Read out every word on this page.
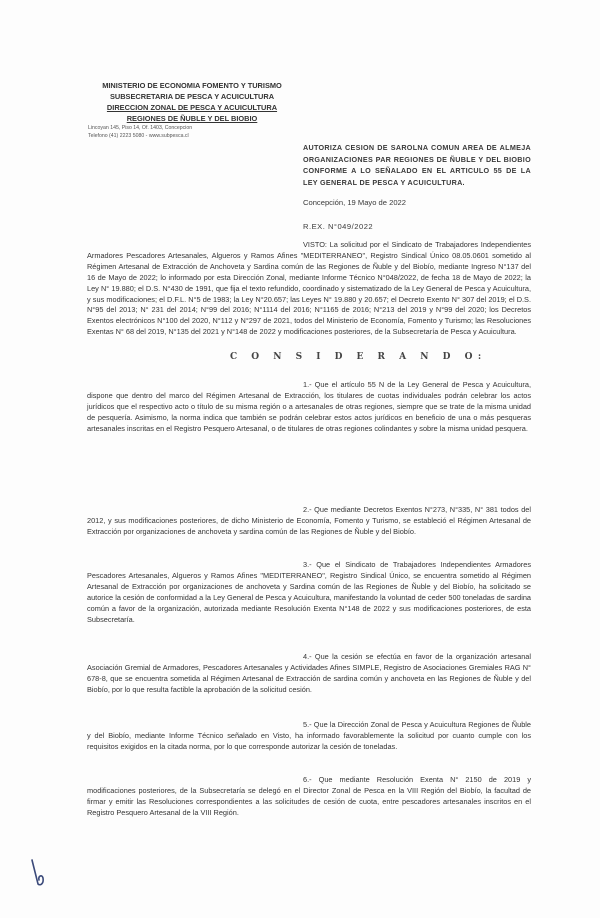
MINISTERIO DE ECONOMIA FOMENTO Y TURISMO
SUBSECRETARIA DE PESCA Y ACUICULTURA
DIRECCION ZONAL DE PESCA Y ACUICULTURA
REGIONES DE ÑUBLE Y DEL BIOBIO
Lincoyan 145, Piso 14, Of. 1403, Concepcion
Telefono (41) 2223 5080 - www.subpesca.cl
AUTORIZA CESION DE SAROLNA COMUN AREA DE ALMEJA ORGANIZACIONES PAR REGIONES DE ÑUBLE Y DEL BIOBIO CONFORME A LO SEÑALADO EN EL ARTICULO 55 DE LA LEY GENERAL DE PESCA Y ACUICULTURA.
Concepción, 19 Mayo de 2022
R.EX. N°049/2022
VISTO: La solicitud por el Sindicato de Trabajadores Independientes Armadores Pescadores Artesanales, Algueros y Ramos Afines "MEDITERRANEO", Registro Sindical Único 08.05.0601 sometido al Régimen Artesanal de Extracción de Anchoveta y Sardina común de las Regiones de Ñuble y del Biobío, mediante Ingreso N°137 del 16 de Mayo de 2022; lo informado por esta Dirección Zonal, mediante Informe Técnico N°048/2022, de fecha 18 de Mayo de 2022; la Ley N° 19.880; el D.S. N°430 de 1991, que fija el texto refundido, coordinado y sistematizado de la Ley General de Pesca y Acuicultura, y sus modificaciones; el D.F.L. N°5 de 1983; la Ley N°20.657; las Leyes N° 19.880 y 20.657; el Decreto Exento N° 307 del 2019; el D.S. N°95 del 2013; N° 231 del 2014; N°99 del 2016; N°1114 del 2016; N°1165 de 2016; N°213 del 2019 y N°99 del 2020; los Decretos Exentos electrónicos N°100 del 2020, N°112 y N°297 de 2021, todos del Ministerio de Economía, Fomento y Turismo; las Resoluciones Exentas N° 68 del 2019, N°135 del 2021 y N°148 de 2022 y modificaciones posteriores, de la Subsecretaría de Pesca y Acuicultura.
C O N S I D E R A N D O:
1.- Que el artículo 55 N de la Ley General de Pesca y Acuicultura, dispone que dentro del marco del Régimen Artesanal de Extracción, los titulares de cuotas individuales podrán celebrar los actos jurídicos que el respectivo acto o título de su misma región o a artesanales de otras regiones, siempre que se trate de la misma unidad de pesquería. Asimismo, la norma indica que también se podrán celebrar estos actos jurídicos en beneficio de una o más pesqueras artesanales inscritas en el Registro Pesquero Artesanal, o de titulares de otras regiones colindantes y sobre la misma unidad pesquera.
2.- Que mediante Decretos Exentos N°273, N°335, N° 381 todos del 2012, y sus modificaciones posteriores, de dicho Ministerio de Economía, Fomento y Turismo, se estableció el Régimen Artesanal de Extracción por organizaciones de anchoveta y sardina común de las Regiones de Ñuble y del Biobío.
3.- Que el Sindicato de Trabajadores Independientes Armadores Pescadores Artesanales, Algueros y Ramos Afines "MEDITERRANEO", Registro Sindical Único, se encuentra sometido al Régimen Artesanal de Extracción por organizaciones de anchoveta y Sardina común de las Regiones de Ñuble y del Biobío, ha solicitado se autorice la cesión de conformidad a la Ley General de Pesca y Acuicultura, manifestando la voluntad de ceder 500 toneladas de sardina común a favor de la organización, autorizada mediante Resolución Exenta N°148 de 2022 y sus modificaciones posteriores, de esta Subsecretaría.
4.- Que la cesión se efectúa en favor de la organización artesanal Asociación Gremial de Armadores, Pescadores Artesanales y Actividades Afines SIMPLE, Registro de Asociaciones Gremiales RAG N° 678-8, que se encuentra sometida al Régimen Artesanal de Extracción de sardina común y anchoveta en las Regiones de Ñuble y del Biobío, por lo que resulta factible la aprobación de la solicitud cesión.
5.- Que la Dirección Zonal de Pesca y Acuicultura Regiones de Ñuble y del Biobío, mediante Informe Técnico señalado en Visto, ha informado favorablemente la solicitud por cuanto cumple con los requisitos exigidos en la citada norma, por lo que corresponde autorizar la cesión de toneladas.
6.- Que mediante Resolución Exenta N° 2150 de 2019 y modificaciones posteriores, de la Subsecretaría se delegó en el Director Zonal de Pesca en la VIII Región del Biobío, la facultad de firmar y emitir las Resoluciones correspondientes a las solicitudes de cesión de cuota, entre pescadores artesanales inscritos en el Registro Pesquero Artesanal de la VIII Región.
